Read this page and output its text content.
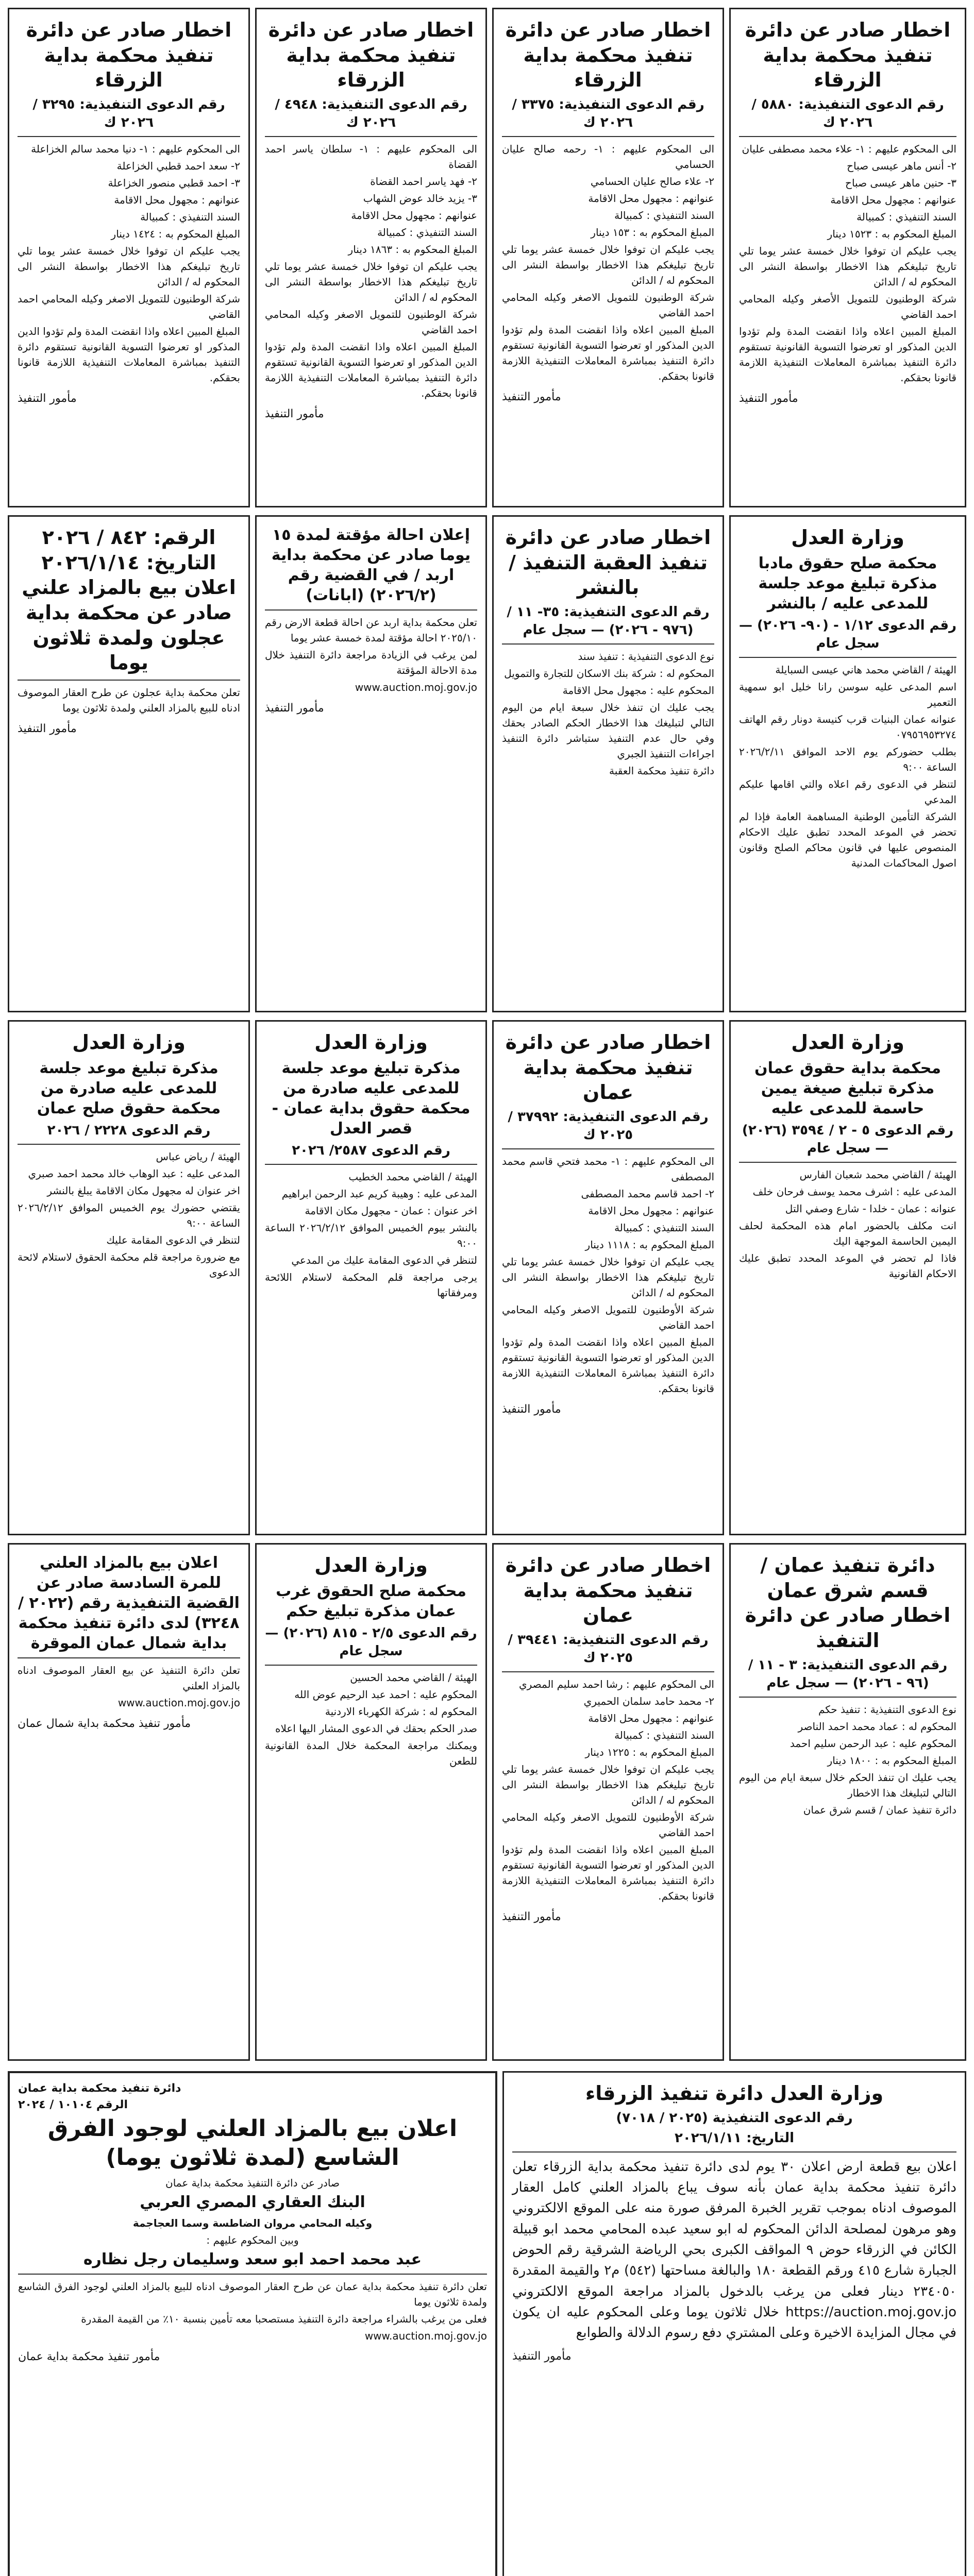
اخطار صادر عن دائرة تنفيذ محكمة بداية الزرقاء
رقم الدعوى التنفيذية: ٥٨٨٠ / ٢٠٢٦ ك

الى المحكوم عليهم : ١- علاء محمد مصطفى عليان

٢- أنس ماهر عيسى صباح

٣- حنين ماهر عيسى صباح

عنوانهم : مجهول محل الاقامة

السند التنفيذي : كمبيالة

المبلغ المحكوم به : ١٥٢٣ دينار

يجب عليكم ان توفوا خلال خمسة عشر يوما تلي تاريخ تبليغكم هذا الاخطار بواسطة النشر الى المحكوم له / الدائن

شركة الوطنيون للتمويل الأصغر وكيله المحامي احمد القاضي

المبلغ المبين اعلاه واذا انقضت المدة ولم تؤدوا الدين المذكور او تعرضوا التسوية القانونية تستقوم دائرة التنفيذ بمباشرة المعاملات التنفيذية اللازمة قانونا بحقكم.

مأمور التنفيذ
اخطار صادر عن دائرة تنفيذ محكمة بداية الزرقاء
رقم الدعوى التنفيذية: ٣٣٧٥ / ٢٠٢٦ ك

الى المحكوم عليهم : ١- رحمه صالح عليان الحسامي

٢- علاء صالح عليان الحسامي

عنوانهم : مجهول محل الاقامة

السند التنفيذي : كمبيالة

المبلغ المحكوم به : ١٥٣ دينار

يجب عليكم ان توفوا خلال خمسة عشر يوما تلي تاريخ تبليغكم هذا الاخطار بواسطة النشر الى المحكوم له / الدائن

شركة الوطنيون للتمويل الاصغر وكيله المحامي احمد القاضي

المبلغ المبين اعلاه واذا انقضت المدة ولم تؤدوا الدين المذكور او تعرضوا التسوية القانونية تستقوم دائرة التنفيذ بمباشرة المعاملات التنفيذية اللازمة قانونا بحقكم.

مأمور التنفيذ
اخطار صادر عن دائرة تنفيذ محكمة بداية الزرقاء
رقم الدعوى التنفيذية: ٤٩٤٨ / ٢٠٢٦ ك

الى المحكوم عليهم : ١- سلطان ياسر احمد القضاة

٢- فهد ياسر احمد القضاة

٣- يزيد خالد عوض الشهاب

عنوانهم : مجهول محل الاقامة

السند التنفيذي : كمبيالة

المبلغ المحكوم به : ١٨٦٣ دينار

يجب عليكم ان توفوا خلال خمسة عشر يوما تلي تاريخ تبليغكم هذا الاخطار بواسطة النشر الى المحكوم له / الدائن

شركة الوطنيون للتمويل الاصغر وكيله المحامي احمد القاضي

المبلغ المبين اعلاه واذا انقضت المدة ولم تؤدوا الدين المذكور او تعرضوا التسوية القانونية تستقوم دائرة التنفيذ بمباشرة المعاملات التنفيذية اللازمة قانونا بحقكم.

مأمور التنفيذ
اخطار صادر عن دائرة تنفيذ محكمة بداية الزرقاء
رقم الدعوى التنفيذية: ٣٢٩٥ / ٢٠٢٦ ك

الى المحكوم عليهم : ١- دنيا محمد سالم الخزاعلة

٢- سعد احمد قطبي الخزاعلة

٣- احمد قطبي منصور الخزاعلة

عنوانهم : مجهول محل الاقامة

السند التنفيذي : كمبيالة

المبلغ المحكوم به : ١٤٢٤ دينار

يجب عليكم ان توفوا خلال خمسة عشر يوما تلي تاريخ تبليغكم هذا الاخطار بواسطة النشر الى المحكوم له / الدائن

شركة الوطنيون للتمويل الاصغر وكيله المحامي احمد القاضي

المبلغ المبين اعلاه واذا انقضت المدة ولم تؤدوا الدين المذكور او تعرضوا التسوية القانونية تستقوم دائرة التنفيذ بمباشرة المعاملات التنفيذية اللازمة قانونا بحقكم.

مأمور التنفيذ
وزارة العدل
محكمة صلح حقوق مادبا مذكرة تبليغ موعد جلسة للمدعى عليه / بالنشر
رقم الدعوى ١/١٢ - (٩٠- ٢٠٢٦) — سجل عام

الهيئة / القاضي محمد هاني عيسى السبايلة

اسم المدعى عليه سوسن رانا خليل ابو سمهية التعمير

عنوانه عمان البنيات قرب كنيسة دونار رقم الهاتف ٠٧٩٥٦٩٥٣٢٧٤

بطلب حضوركم يوم الاحد الموافق ٢٠٢٦/٢/١١ الساعة ٩:٠٠

لتنظر في الدعوى رقم اعلاه والتي اقامها عليكم المدعي

الشركة التأمين الوطنية المساهمة العامة فإذا لم تحضر في الموعد المحدد تطبق عليك الاحكام المنصوص عليها في قانون محاكم الصلح وقانون اصول المحاكمات المدنية

اخطار صادر عن دائرة تنفيذ العقبة التنفيذ / بالنشر
رقم الدعوى التنفيذية: ٣٥- ١١ / (٩٧٦ - ٢٠٢٦) — سجل عام

نوع الدعوى التنفيذية : تنفيذ سند

المحكوم له : شركة بنك الاسكان للتجارة والتمويل

المحكوم عليه : مجهول محل الاقامة

يجب عليك ان تنفذ خلال سبعة ايام من اليوم التالي لتبليغك هذا الاخطار الحكم الصادر بحقك وفي حال عدم التنفيذ ستباشر دائرة التنفيذ اجراءات التنفيذ الجبري

دائرة تنفيذ محكمة العقبة

إعلان احالة مؤقتة لمدة ١٥ يوما صادر عن محكمة بداية اربد / في القضية رقم (٢٠٢٦/٢) (ابانات)

تعلن محكمة بداية اربد عن احالة قطعة الارض رقم ٢٠٢٥/١٠ احالة مؤقتة لمدة خمسة عشر يوما

لمن يرغب في الزيادة مراجعة دائرة التنفيذ خلال مدة الاحالة المؤقتة

www.auction.moj.gov.jo

مأمور التنفيذ
الرقم: ٨٤٢ / ٢٠٢٦ التاريخ: ٢٠٢٦/١/١٤ اعلان بيع بالمزاد علني صادر عن محكمة بداية عجلون ولمدة ثلاثون يوما

تعلن محكمة بداية عجلون عن طرح العقار الموصوف ادناه للبيع بالمزاد العلني ولمدة ثلاثون يوما

مأمور التنفيذ
وزارة العدل
محكمة بداية حقوق عمان مذكرة تبليغ صيغة يمين حاسمة للمدعى عليه
رقم الدعوى ٥ - ٢ / ٣٥٩٤ (٢٠٢٦) — سجل عام

الهيئة / القاضي محمد شعبان الفارس

المدعى عليه : اشرف محمد يوسف فرحان خلف

عنوانه : عمان - خلدا - شارع وصفي التل

انت مكلف بالحضور امام هذه المحكمة لحلف اليمين الحاسمة الموجهة اليك

فاذا لم تحضر في الموعد المحدد تطبق عليك الاحكام القانونية

اخطار صادر عن دائرة تنفيذ محكمة بداية عمان
رقم الدعوى التنفيذية: ٣٧٩٩٢ / ٢٠٢٥ ك

الى المحكوم عليهم : ١- محمد فتحي قاسم محمد المصطفى

٢- احمد قاسم محمد المصطفى

عنوانهم : مجهول محل الاقامة

السند التنفيذي : كمبيالة

المبلغ المحكوم به : ١١١٨ دينار

يجب عليكم ان توفوا خلال خمسة عشر يوما تلي تاريخ تبليغكم هذا الاخطار بواسطة النشر الى المحكوم له / الدائن

شركة الأوطنيون للتمويل الاصغر وكيله المحامي احمد القاضي

المبلغ المبين اعلاه واذا انقضت المدة ولم تؤدوا الدين المذكور او تعرضوا التسوية القانونية تستقوم دائرة التنفيذ بمباشرة المعاملات التنفيذية اللازمة قانونا بحقكم.

مأمور التنفيذ
وزارة العدل
مذكرة تبليغ موعد جلسة للمدعى عليه صادرة من محكمة حقوق بداية عمان - قصر العدل
رقم الدعوى ٢٥٨٧/ ٢٠٢٦

الهيئة / القاضي محمد الخطيب

المدعى عليه : وهيبة كريم عبد الرحمن ابراهيم

اخر عنوان : عمان - مجهول مكان الاقامة

بالنشر بيوم الخميس الموافق ٢٠٢٦/٢/١٢ الساعة ٩:٠٠

لتنظر في الدعوى المقامة عليك من المدعي

يرجى مراجعة قلم المحكمة لاستلام اللائحة ومرفقاتها

وزارة العدل
مذكرة تبليغ موعد جلسة للمدعى عليه صادرة من محكمة حقوق صلح عمان
رقم الدعوى ٢٢٢٨ / ٢٠٢٦

الهيئة / رياض عباس

المدعى عليه : عبد الوهاب خالد محمد احمد صبري

اخر عنوان له مجهول مكان الاقامة يبلغ بالنشر

يقتضي حضورك يوم الخميس الموافق ٢٠٢٦/٢/١٢ الساعة ٩:٠٠

لتنظر في الدعوى المقامة عليك

مع ضرورة مراجعة قلم محكمة الحقوق لاستلام لائحة الدعوى

دائرة تنفيذ عمان / قسم شرق عمان اخطار صادر عن دائرة التنفيذ
رقم الدعوى التنفيذية: ٣ - ١١ / (٩٦ - ٢٠٢٦) — سجل عام

نوع الدعوى التنفيذية : تنفيذ حكم

المحكوم له : عماد محمد احمد الناصر

المحكوم عليه : عبد الرحمن سليم احمد

المبلغ المحكوم به : ١٨٠٠ دينار

يجب عليك ان تنفذ الحكم خلال سبعة ايام من اليوم التالي لتبليغك هذا الاخطار

دائرة تنفيذ عمان / قسم شرق عمان

اخطار صادر عن دائرة تنفيذ محكمة بداية عمان
رقم الدعوى التنفيذية: ٣٩٤٤١ / ٢٠٢٥ ك

الى المحكوم عليهم : رشا احمد سليم المصري

٢- محمد حامد سلمان الحميري

عنوانهم : مجهول محل الاقامة

السند التنفيذي : كمبيالة

المبلغ المحكوم به : ١٢٢٥ دينار

يجب عليكم ان توفوا خلال خمسة عشر يوما تلي تاريخ تبليغكم هذا الاخطار بواسطة النشر الى المحكوم له / الدائن

شركة الأوطنيون للتمويل الاصغر وكيله المحامي احمد القاضي

المبلغ المبين اعلاه واذا انقضت المدة ولم تؤدوا الدين المذكور او تعرضوا التسوية القانونية تستقوم دائرة التنفيذ بمباشرة المعاملات التنفيذية اللازمة قانونا بحقكم.

مأمور التنفيذ
وزارة العدل
محكمة صلح الحقوق غرب عمان مذكرة تبليغ حكم
رقم الدعوى ٢/٥ - ٨١٥ (٢٠٢٦) — سجل عام

الهيئة / القاضي محمد الحسين

المحكوم عليه : احمد عبد الرحيم عوض الله

المحكوم له : شركة الكهرباء الاردنية

صدر الحكم بحقك في الدعوى المشار اليها اعلاه

ويمكنك مراجعة المحكمة خلال المدة القانونية للطعن

اعلان بيع بالمزاد العلني للمرة السادسة صادر عن القضية التنفيذية رقم (٢٠٢٢ / ٣٢٤٨) لدى دائرة تنفيذ محكمة بداية شمال عمان الموقرة

تعلن دائرة التنفيذ عن بيع العقار الموصوف ادناه بالمزاد العلني

www.auction.moj.gov.jo

مأمور تنفيذ محكمة بداية شمال عمان
وزارة العدل دائرة تنفيذ الزرقاء
رقم الدعوى التنفيذية (٢٠٢٥ / ٧٠١٨)
التاريخ: ٢٠٢٦/١/١١

اعلان بيع قطعة ارض اعلان ٣٠ يوم لدى دائرة تنفيذ محكمة بداية الزرقاء تعلن دائرة تنفيذ محكمة بداية عمان بأنه سوف يباع بالمزاد العلني كامل العقار الموصوف ادناه بموجب تقرير الخبرة المرفق صورة منه على الموقع الالكتروني وهو مرهون لمصلحة الدائن المحكوم له ابو سعيد عبده المحامي محمد ابو قبيلة الكائن في الزرقاء حوض ٩ المواقف الكبرى بحي الرياضة الشرقية رقم الحوض الجبارة شارع ٤١٥ ورقم القطعة ١٨٠ والبالغة مساحتها (٥٤٢) م٢ والقيمة المقدرة ٢٣٤٠٥٠ دينار فعلى من يرغب بالدخول بالمزاد مراجعة الموقع الالكتروني https://auction.moj.gov.jo خلال ثلاثون يوما وعلى المحكوم عليه ان يكون في مجال المزايدة الاخيرة وعلى المشتري دفع رسوم الدلالة والطوابع

مأمور التنفيذ

دائرة تنفيذ محكمة بداية عمان
الرقم ١٠١٠٤ / ٢٠٢٤
اعلان بيع بالمزاد العلني لوجود الفرق الشاسع (لمدة ثلاثون يوما)

صادر عن دائرة التنفيذ محكمة بداية عمان

البنك العقاري المصري العربي

وكيله المحامي مروان الضاطسة وسما العجاجمة

وبين المحكوم عليهم :

عبد محمد احمد ابو سعد وسليمان رجل نظاره

تعلن دائرة تنفيذ محكمة بداية عمان عن طرح العقار الموصوف ادناه للبيع بالمزاد العلني لوجود الفرق الشاسع ولمدة ثلاثون يوما

فعلى من يرغب بالشراء مراجعة دائرة التنفيذ مستصحبا معه تأمين بنسبة ١٠٪ من القيمة المقدرة

www.auction.moj.gov.jo

مأمور تنفيذ محكمة بداية عمان
